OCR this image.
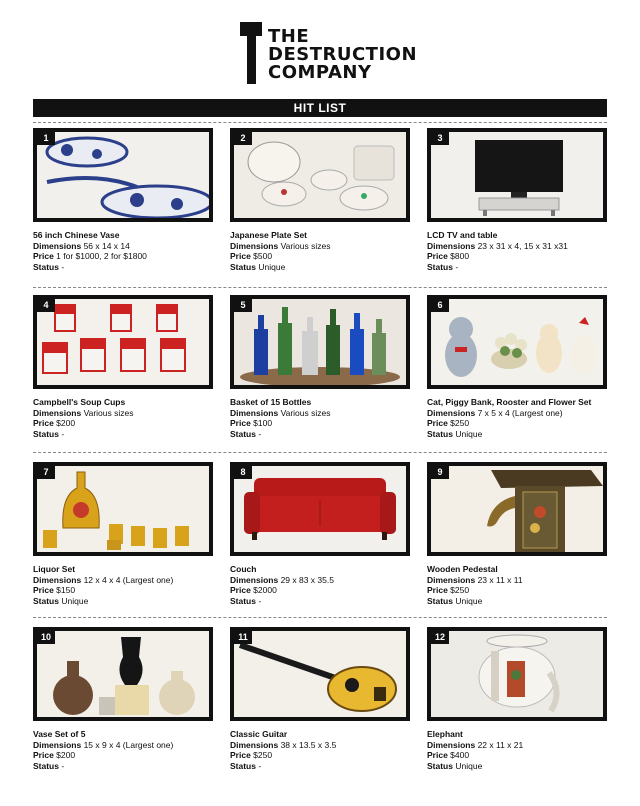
THE
DESTRUCTION
COMPANY
HIT LIST
1
56 inch Chinese Vase
Dimensions 56 x 14 x 14
Price 1 for $1000, 2 for $1800
Status -
2
Japanese Plate Set
Dimensions Various sizes
Price $500
Status Unique
3
LCD TV and table
Dimensions 23 x 31 x 4, 15 x 31 x31
Price $800
Status -
4
Campbell's Soup Cups
Dimensions Various sizes
Price $200
Status -
5
Basket of 15 Bottles
Dimensions Various sizes
Price $100
Status -
6
Cat, Piggy Bank, Rooster and Flower Set
Dimensions 7 x 5 x 4 (Largest one)
Price $250
Status Unique
7
Liquor Set
Dimensions 12 x 4 x 4 (Largest one)
Price $150
Status Unique
8
Couch
Dimensions 29 x 83 x 35.5
Price $2000
Status -
9
Wooden Pedestal
Dimensions 23 x 11 x 11
Price $250
Status Unique
10
Vase Set of 5
Dimensions 15 x 9 x 4 (Largest one)
Price $200
Status -
11
Classic Guitar
Dimensions 38 x 13.5 x 3.5
Price $250
Status -
12
Elephant
Dimensions 22 x 11 x 21
Price $400
Status Unique
